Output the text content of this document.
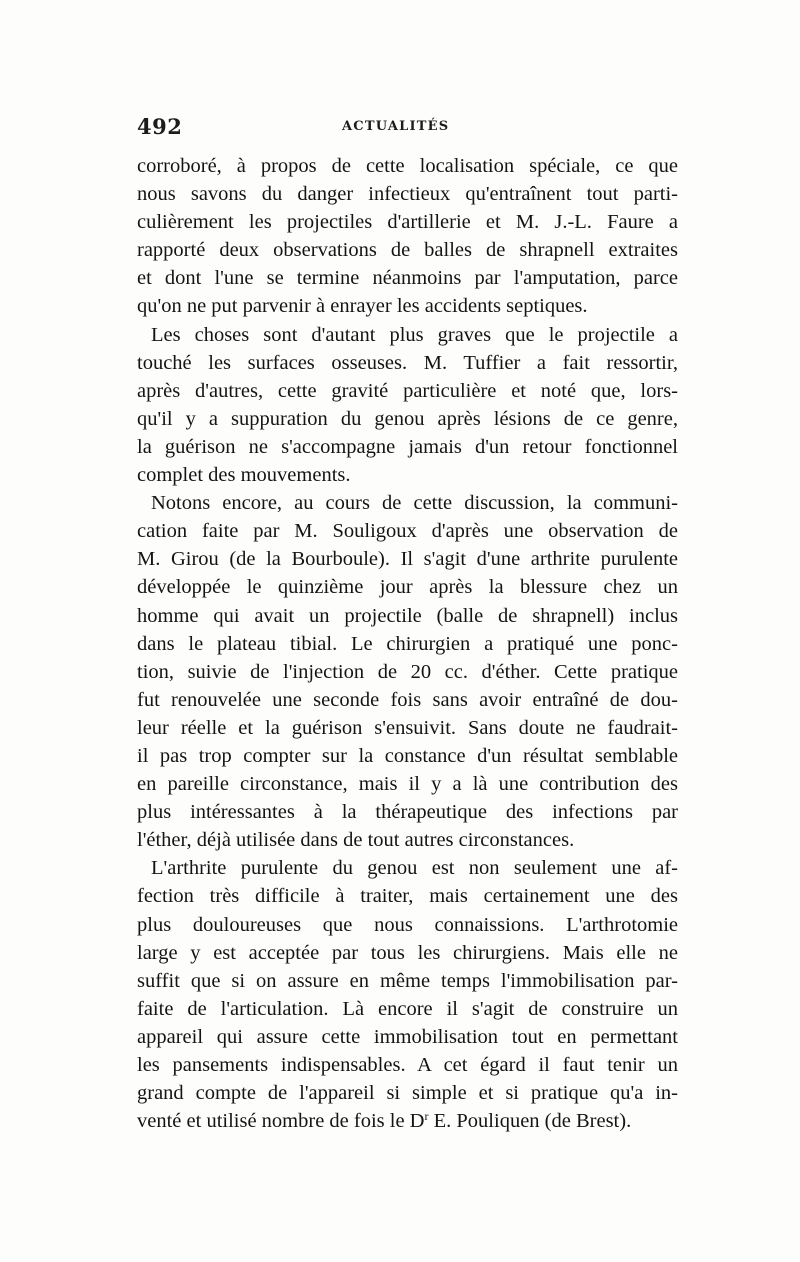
492	ACTUALITÉS
corroboré, à propos de cette localisation spéciale, ce que
nous savons du danger infectieux qu'entraînent tout parti-
culièrement les projectiles d'artillerie et M. J.-L. Faure a
rapporté deux observations de balles de shrapnell extraites
et dont l'une se termine néanmoins par l'amputation, parce
qu'on ne put parvenir à enrayer les accidents septiques.
Les choses sont d'autant plus graves que le projectile a
touché les surfaces osseuses. M. Tuffier a fait ressortir,
après d'autres, cette gravité particulière et noté que, lors-
qu'il y a suppuration du genou après lésions de ce genre,
la guérison ne s'accompagne jamais d'un retour fonctionnel
complet des mouvements.
Notons encore, au cours de cette discussion, la communi-
cation faite par M. Souligoux d'après une observation de
M. Girou (de la Bourboule). Il s'agit d'une arthrite purulente
développée le quinzième jour après la blessure chez un
homme qui avait un projectile (balle de shrapnell) inclus
dans le plateau tibial. Le chirurgien a pratiqué une ponc-
tion, suivie de l'injection de 20 cc. d'éther. Cette pratique
fut renouvelée une seconde fois sans avoir entraîné de dou-
leur réelle et la guérison s'ensuivit. Sans doute ne faudrait-
il pas trop compter sur la constance d'un résultat semblable
en pareille circonstance, mais il y a là une contribution des
plus intéressantes à la thérapeutique des infections par
l'éther, déjà utilisée dans de tout autres circonstances.
L'arthrite purulente du genou est non seulement une af-
fection très difficile à traiter, mais certainement une des
plus douloureuses que nous connaissions. L'arthrotomie
large y est acceptée par tous les chirurgiens. Mais elle ne
suffit que si on assure en même temps l'immobilisation par-
faite de l'articulation. Là encore il s'agit de construire un
appareil qui assure cette immobilisation tout en permettant
les pansements indispensables. A cet égard il faut tenir un
grand compte de l'appareil si simple et si pratique qu'a in-
venté et utilisé nombre de fois le $D^r$ E. Pouliquen (de Brest).
